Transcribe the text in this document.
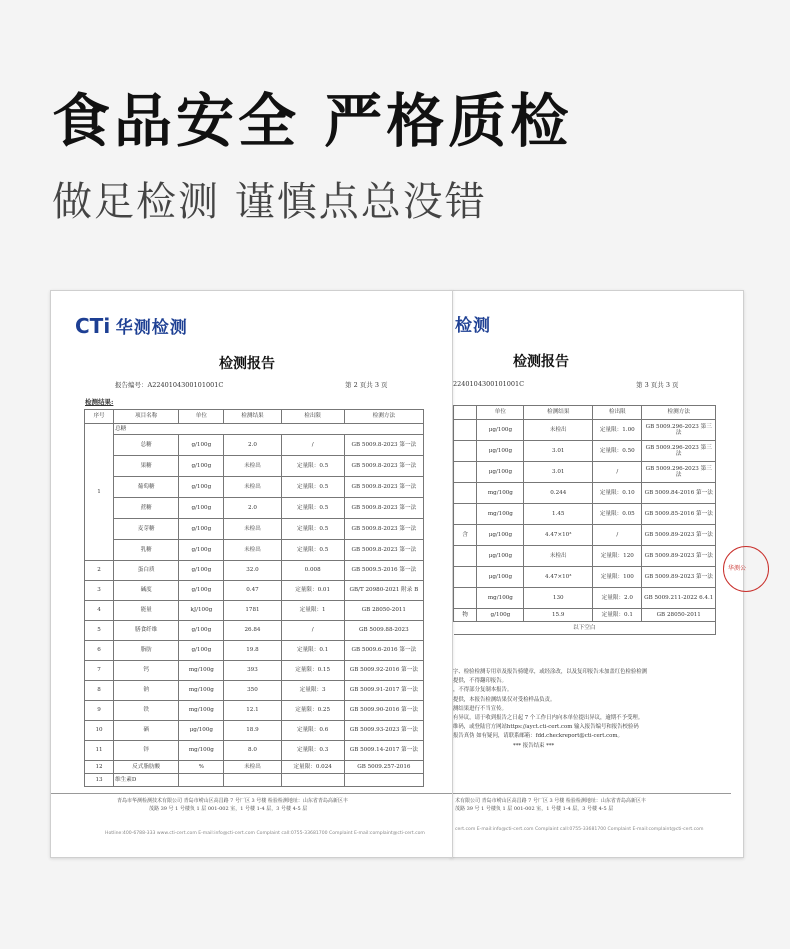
食品安全 严格质检
做足检测 谨慎点总没错
检测
检测报告
2240104300101001C	第 3 页共 3 页
	单位	检测结果	检出限	检测方法
	μg/100g	未检出	定量限：1.00	GB 5009.296-2023 第三法
	μg/100g	3.01	定量限：0.50	GB 5009.296-2023 第三法
	μg/100g	3.01	/	GB 5009.296-2023 第三法
	mg/100g	0.244	定量限：0.10	GB 5009.84-2016 第一法
	mg/100g	1.45	定量限：0.05	GB 5009.85-2016 第一法
含	μg/100g	4.47×10³	/	GB 5009.89-2023 第一法
	μg/100g	未检出	定量限：120	GB 5009.89-2023 第一法
	μg/100g	4.47×10³	定量限：100	GB 5009.89-2023 第一法
	mg/100g	130	定量限：2.0	GB 5009.211-2022 6.4.1
物	g/100g	15.9	定量限：0.1	GB 28050-2011
以下空白				
字、检验检测专用章及报告骑缝章，或经涂改，以及复印报告未加盖红色检验检测
提供，不得翻印报告。
，不得部分复制本报告。
提供，本报告检测结果仅对受检样品负责。
测结果进行不当宣传。
有异议，请于收到报告之日起 7 个工作日内向本单位提出异议，逾期不予受理。
维码，或登陆官方网站https://ayct.cti-cert.com 输入报告编号和报告校验码
报告真伪 如有疑问，请联系邮箱：fdd.checkreport@cti-cert.com。
*** 报告结束 ***
华测公
术有限公司 青岛市崂山区高昌路 7 号厂区 3 号楼 检验检测地址：山东省青岛高新区丰
茂路 39 号 1 号楼负 1 层 001-002 室，1 号楼 1-4 层，3 号楼 4-5 层
cert.com E-mail:info@cti-cert.com Complaint call:0755-33681700 Complaint E-mail:complaint@cti-cert.com
CTi 华测检测
检测报告
报告编号：A2240104300101001C	第 2 页共 3 页
检测结果:
序号	项目名称	单位	检测结果	检出限	检测方法
1	总糖				
	总糖	g/100g	2.0	/	GB 5009.8-2023 第一法
	果糖	g/100g	未检出	定量限：0.5	GB 5009.8-2023 第一法
	葡萄糖	g/100g	未检出	定量限：0.5	GB 5009.8-2023 第一法
	蔗糖	g/100g	2.0	定量限：0.5	GB 5009.8-2023 第一法
	麦芽糖	g/100g	未检出	定量限：0.5	GB 5009.8-2023 第一法
	乳糖	g/100g	未检出	定量限：0.5	GB 5009.8-2023 第一法
2	蛋白质	g/100g	32.0	0.008	GB 5009.5-2016 第一法
3	碱度	g/100g	0.47	定量限：0.01	GB/T 20980-2021 附录 B
4	能量	kJ/100g	1781	定量限：1	GB 28050-2011
5	膳食纤维	g/100g	26.84	/	GB 5009.88-2023
6	脂肪	g/100g	19.8	定量限：0.1	GB 5009.6-2016 第一法
7	钙	mg/100g	393	定量限：0.15	GB 5009.92-2016 第一法
8	钠	mg/100g	350	定量限：3	GB 5009.91-2017 第一法
9	铁	mg/100g	12.1	定量限：0.25	GB 5009.90-2016 第一法
10	硒	μg/100g	18.9	定量限：0.6	GB 5009.93-2023 第一法
11	锌	mg/100g	8.0	定量限：0.3	GB 5009.14-2017 第一法
12	反式脂肪酸	%	未检出	定量限：0.024	GB 5009.257-2016
13	维生素D				
青岛市华测检测技术有限公司 青岛市崂山区高昌路 7 号厂区 3 号楼 检验检测地址：山东省青岛高新区丰
茂路 39 号 1 号楼负 1 层 001-002 室，1 号楼 1-4 层，3 号楼 4-5 层
Hotline:400-6788-333 www.cti-cert.com E-mail:info@cti-cert.com Complaint call:0755-33681700 Complaint E-mail:complaint@cti-cert.com
